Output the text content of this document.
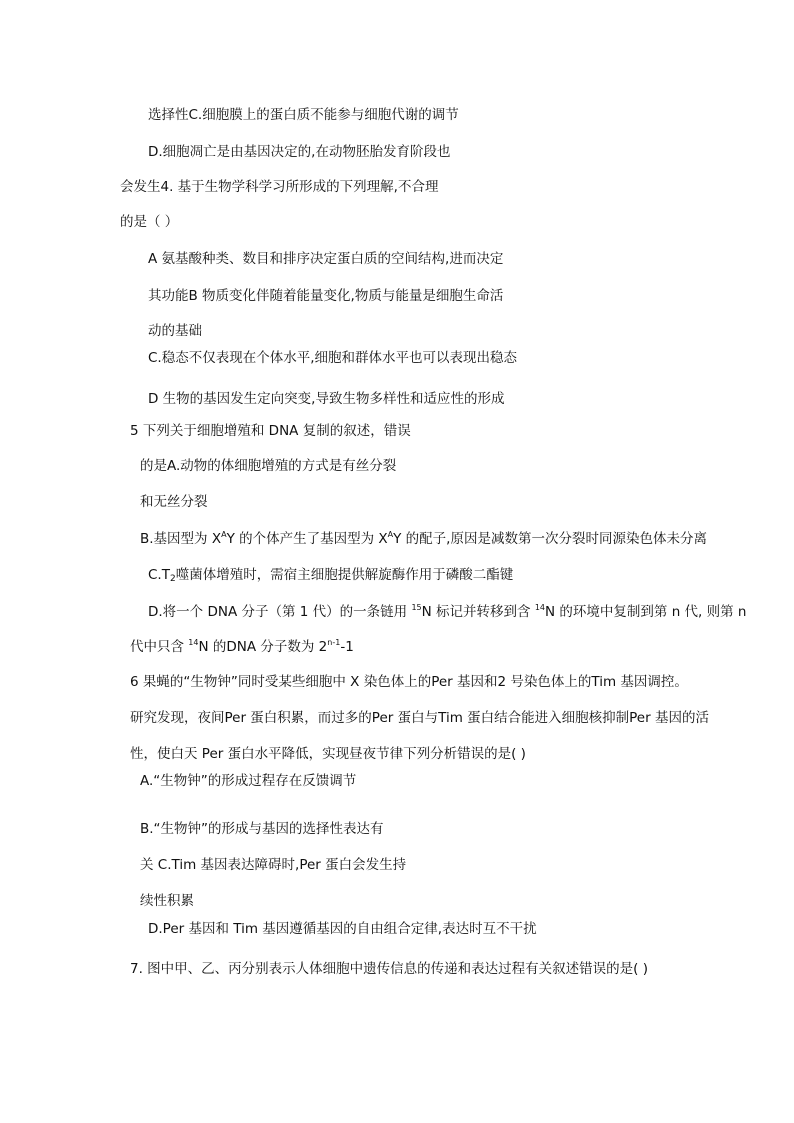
选择性C.细胞膜上的蛋白质不能参与细胞代谢的调节
D.细胞凋亡是由基因决定的,在动物胚胎发育阶段也
会发生4. 基于生物学科学习所形成的下列理解,不合理
的是（ ）
A 氨基酸种类、数目和排序决定蛋白质的空间结构,进而决定
其功能B 物质变化伴随着能量变化,物质与能量是细胞生命活
动的基础
C.稳态不仅表现在个体水平,细胞和群体水平也可以表现出稳态
D 生物的基因发生定向突变,导致生物多样性和适应性的形成
5 下列关于细胞增殖和 DNA 复制的叙述，错误
的是A.动物的体细胞增殖的方式是有丝分裂
和无丝分裂
B.基因型为 $X^AY$ 的个体产生了基因型为 $X^AY$ 的配子,原因是减数第一次分裂时同源染色体未分离
$C.T_2$噬菌体增殖时，需宿主细胞提供解旋酶作用于磷酸二酯键
D.将一个 DNA 分子（第 1 代）的一条链用 $^{15}$N 标记并转移到含 $^{14}$N 的环境中复制到第 n 代, 则第 n
代中只含 $^{14}$N 的DNA 分子数为 2$^{n-1}$-1
6 果蝇的“生物钟”同时受某些细胞中 X 染色体上的Per 基因和2 号染色体上的Tim 基因调控。
研究发现，夜间Per 蛋白积累，而过多的Per 蛋白与Tim 蛋白结合能进入细胞核抑制Per 基因的活
性，使白天 Per 蛋白水平降低，实现昼夜节律下列分析错误的是( )
A.“生物钟”的形成过程存在反馈调节
B.“生物钟”的形成与基因的选择性表达有
关 C.Tim 基因表达障碍时,Per 蛋白会发生持
续性积累
D.Per 基因和 Tim 基因遵循基因的自由组合定律,表达时互不干扰
7. 图中甲、乙、丙分别表示人体细胞中遗传信息的传递和表达过程有关叙述错误的是( )
